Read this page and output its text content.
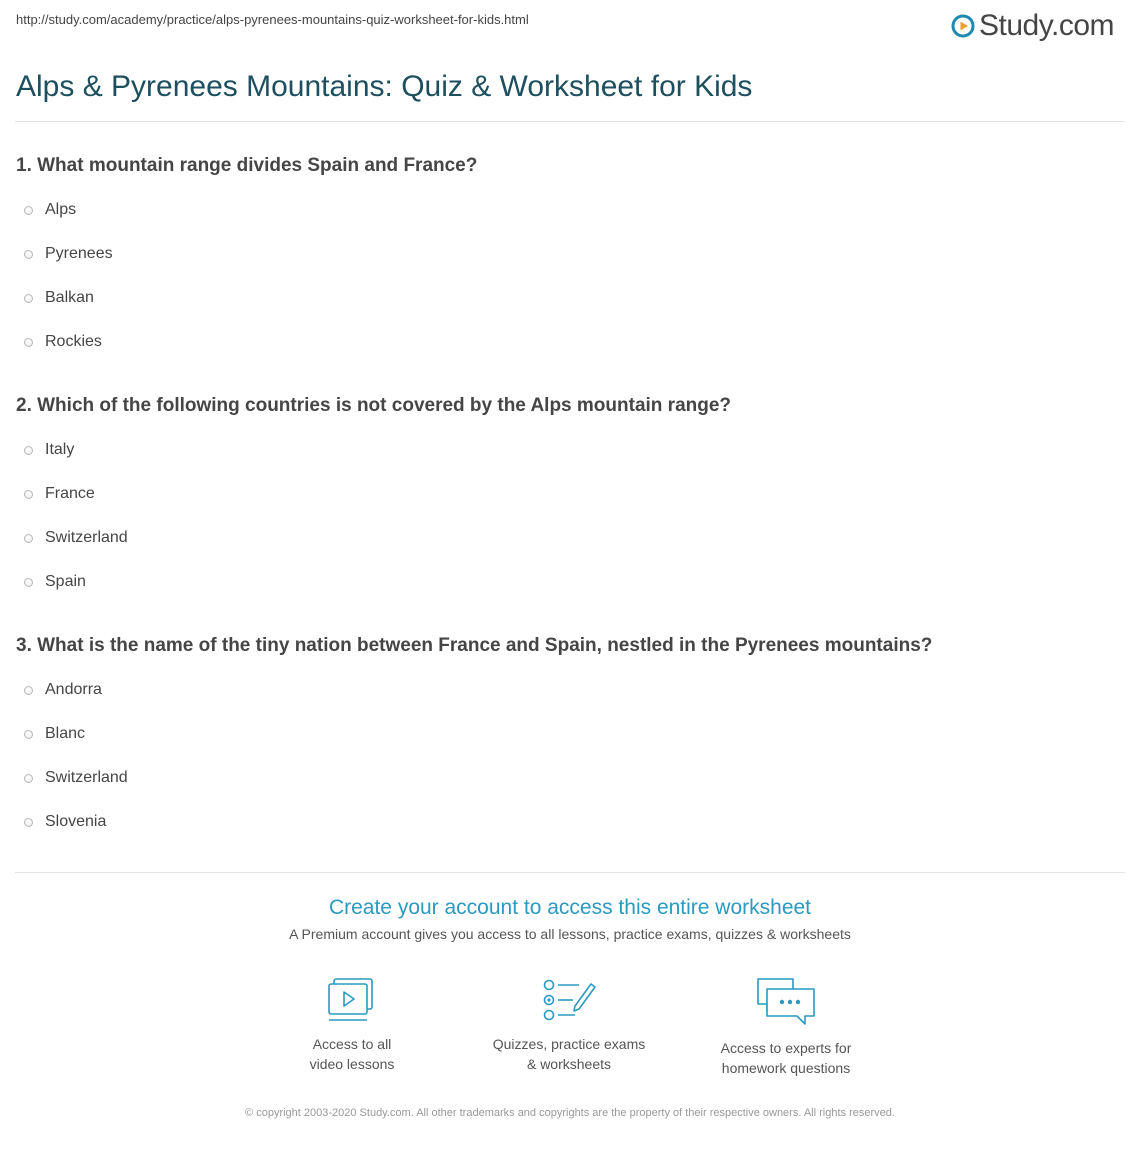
http://study.com/academy/practice/alps-pyrenees-mountains-quiz-worksheet-for-kids.html	Study.com
Alps & Pyrenees Mountains: Quiz & Worksheet for Kids
1. What mountain range divides Spain and France?
Alps
Pyrenees
Balkan
Rockies
2. Which of the following countries is not covered by the Alps mountain range?
Italy
France
Switzerland
Spain
3. What is the name of the tiny nation between France and Spain, nestled in the Pyrenees mountains?
Andorra
Blanc
Switzerland
Slovenia
Create your account to access this entire worksheet
A Premium account gives you access to all lessons, practice exams, quizzes & worksheets
Access to all
video lessons
Quizzes, practice exams
& worksheets
Access to experts for
homework questions
© copyright 2003-2020 Study.com. All other trademarks and copyrights are the property of their respective owners. All rights reserved.
